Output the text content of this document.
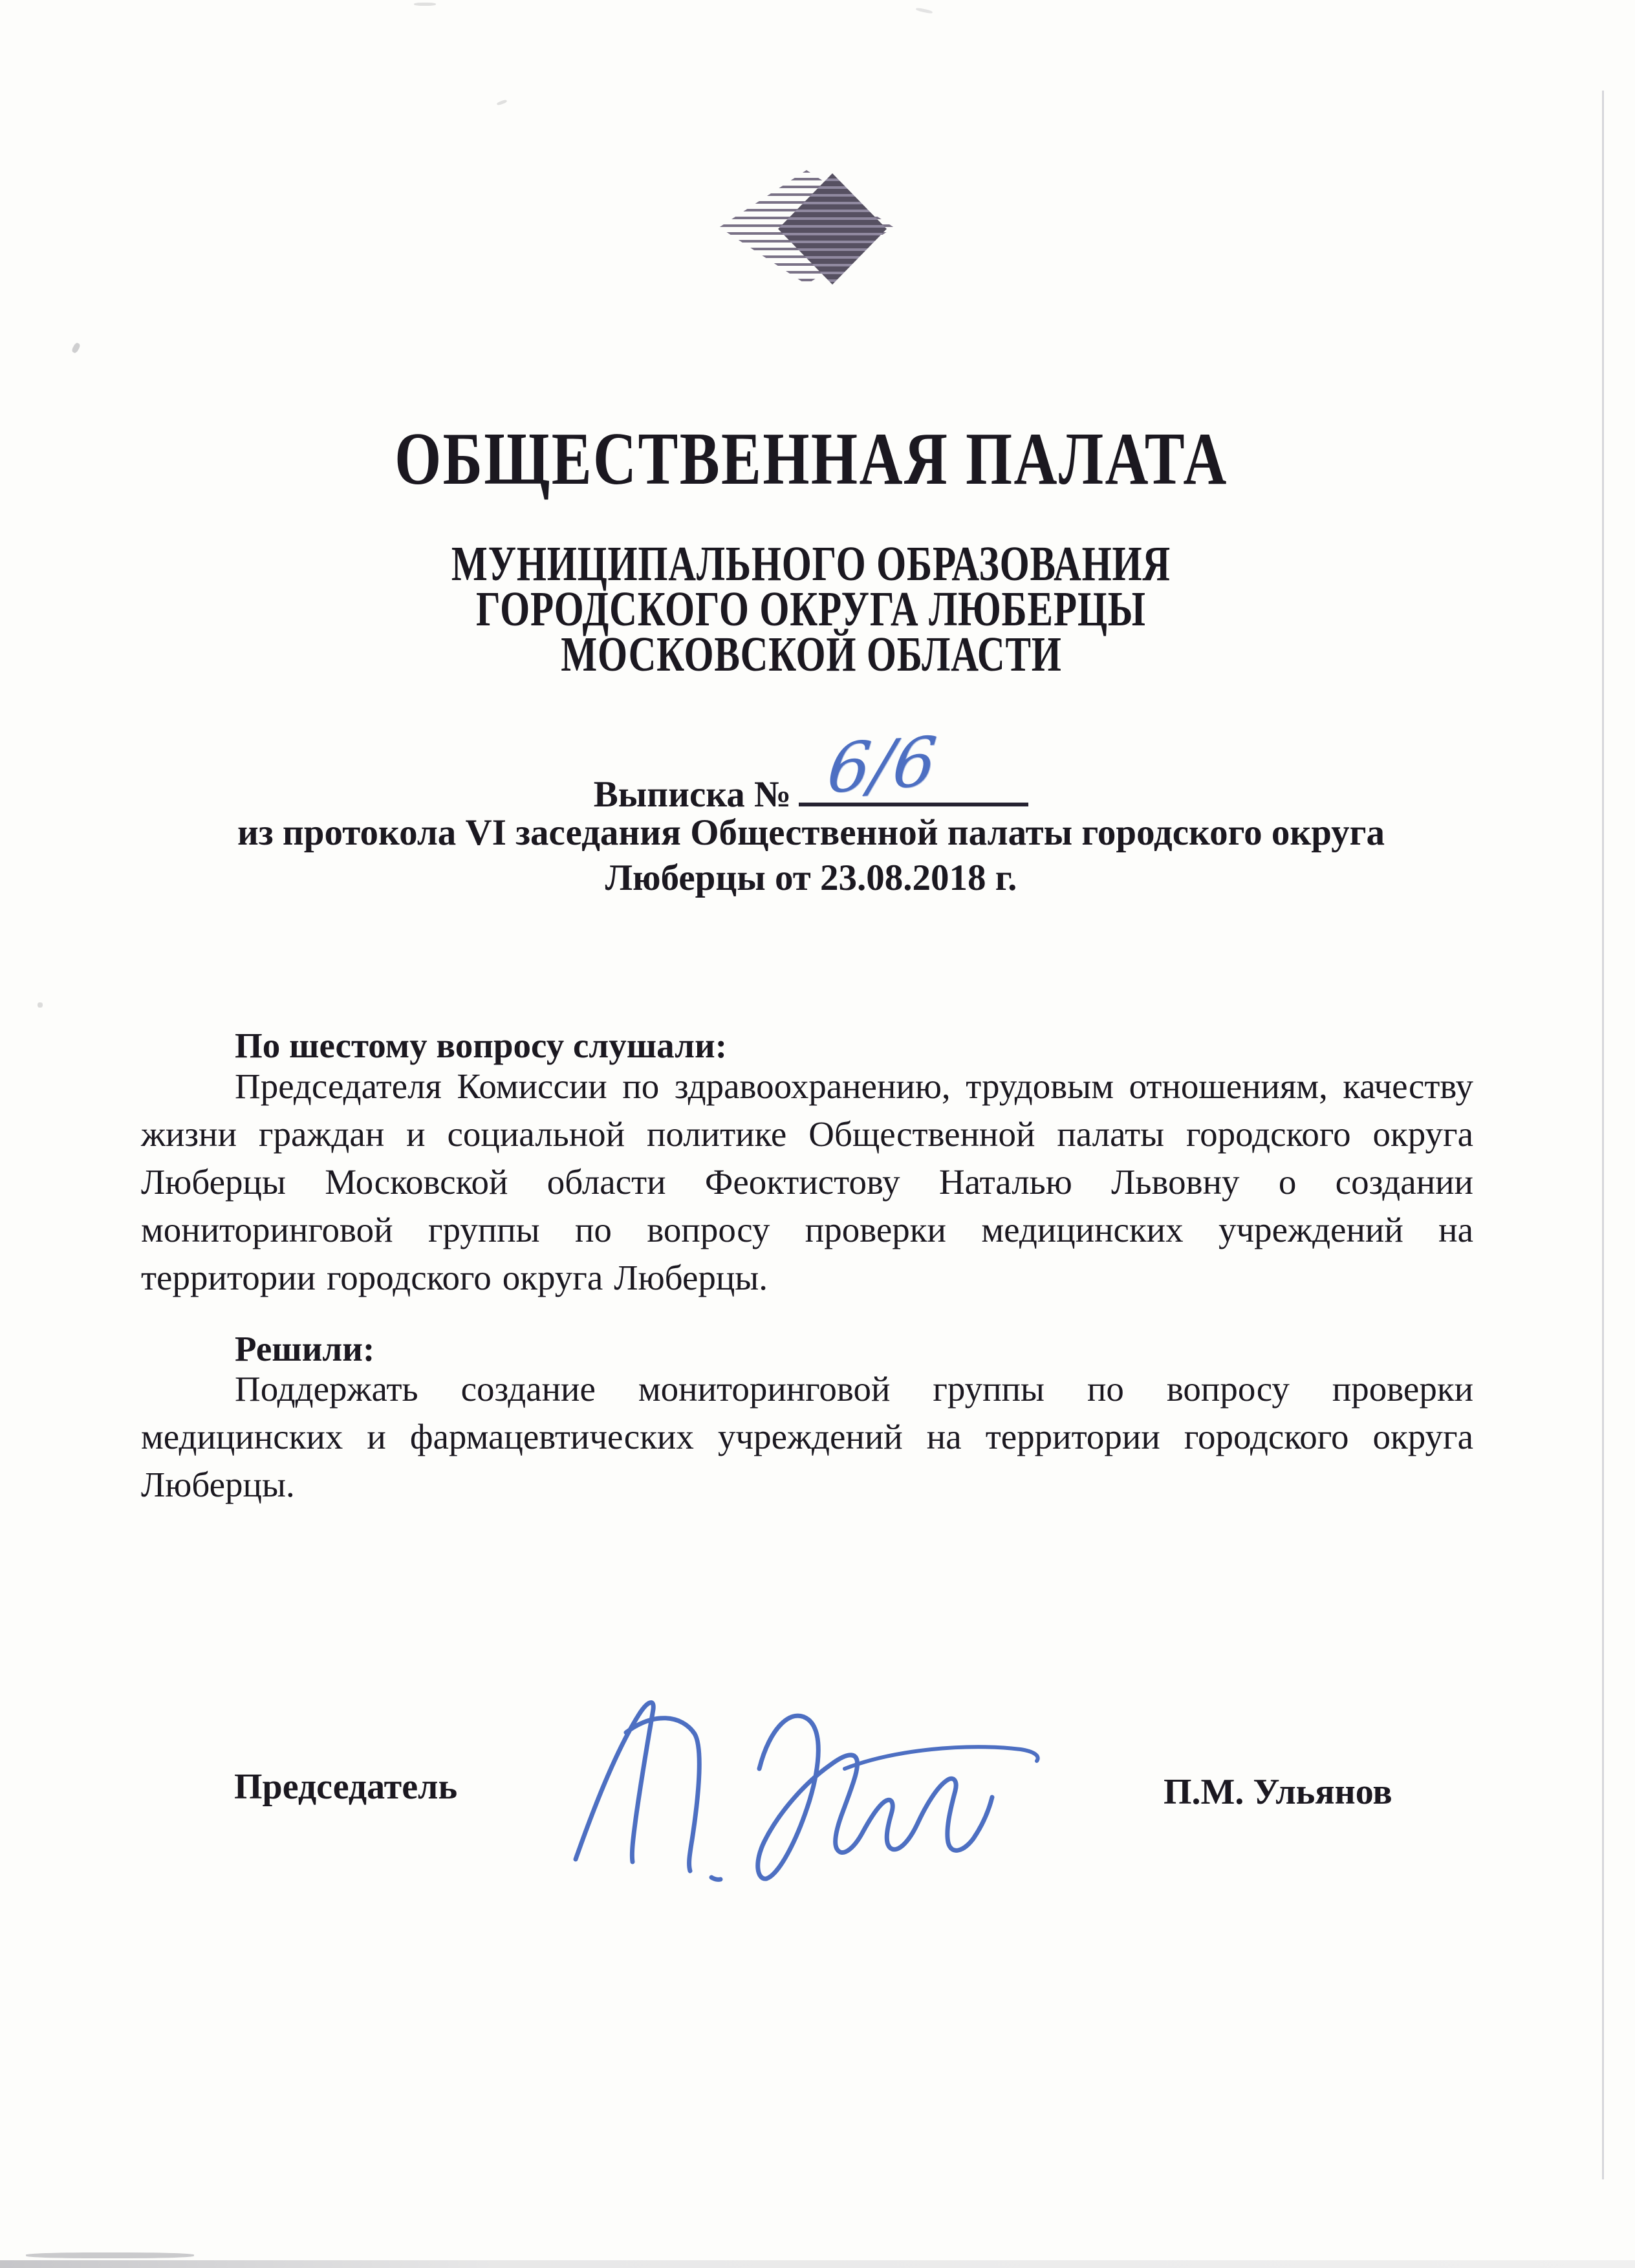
ОБЩЕСТВЕННАЯ ПАЛАТА
МУНИЦИПАЛЬНОГО ОБРАЗОВАНИЯ
ГОРОДСКОГО ОКРУГА ЛЮБЕРЦЫ
МОСКОВСКОЙ ОБЛАСТИ
Выписка № 6/6
из протокола VI заседания Общественной палаты городского округа
Люберцы от 23.08.2018 г.
По шестому вопросу слушали:
Председателя Комиссии по здравоохранению, трудовым отношениям, качеству жизни граждан и социальной политике Общественной палаты городского округа Люберцы Московской области Феоктистову Наталью Львовну о создании мониторинговой группы по вопросу проверки медицинских учреждений на территории городского округа Люберцы.
Решили:
Поддержать создание мониторинговой группы по вопросу проверки медицинских и фармацевтических учреждений на территории городского округа Люберцы.
Председатель	П.М. Ульянов
